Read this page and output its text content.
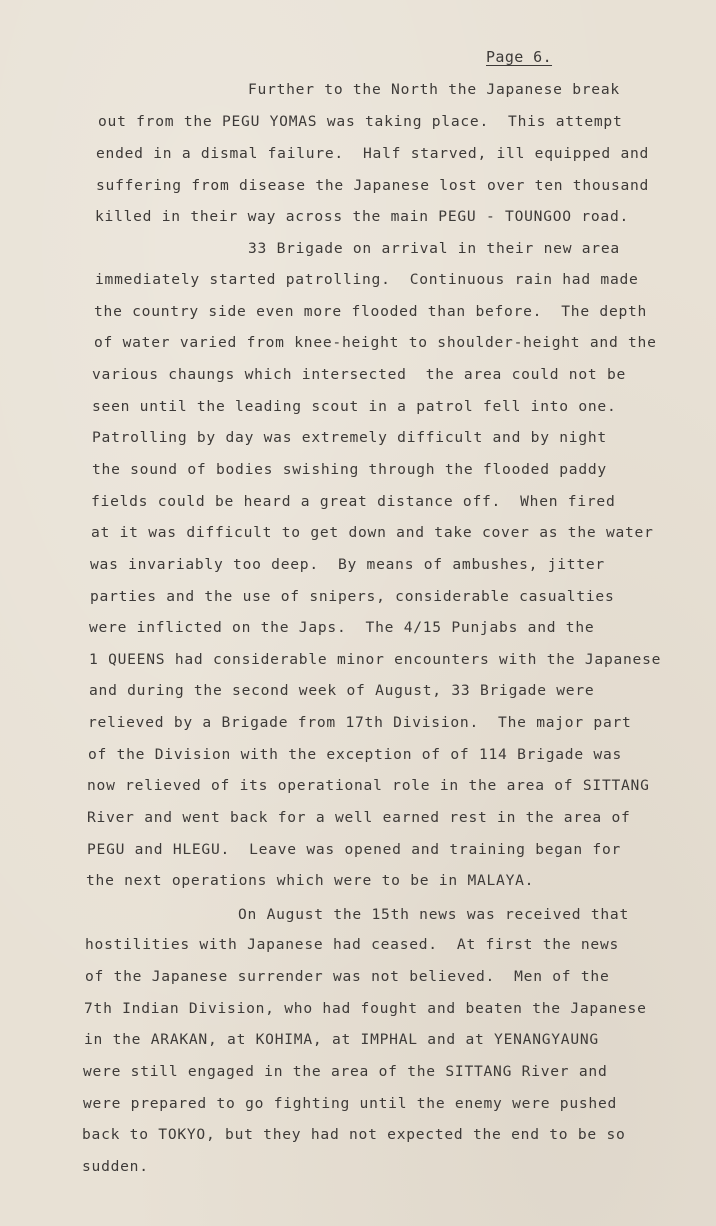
Page 6.
Further to the North the Japanese break
out from the PEGU YOMAS was taking place.  This attempt
ended in a dismal failure.  Half starved, ill equipped and
suffering from disease the Japanese lost over ten thousand
killed in their way across the main PEGU - TOUNGOO road.
33 Brigade on arrival in their new area
immediately started patrolling.  Continuous rain had made
the country side even more flooded than before.  The depth
of water varied from knee-height to shoulder-height and the
various chaungs which intersected  the area could not be
seen until the leading scout in a patrol fell into one.
Patrolling by day was extremely difficult and by night
the sound of bodies swishing through the flooded paddy
fields could be heard a great distance off.  When fired
at it was difficult to get down and take cover as the water
was invariably too deep.  By means of ambushes, jitter
parties and the use of snipers, considerable casualties
were inflicted on the Japs.  The 4/15 Punjabs and the
1 QUEENS had considerable minor encounters with the Japanese
and during the second week of August, 33 Brigade were
relieved by a Brigade from 17th Division.  The major part
of the Division with the exception of of 114 Brigade was
now relieved of its operational role in the area of SITTANG
River and went back for a well earned rest in the area of
PEGU and HLEGU.  Leave was opened and training began for
the next operations which were to be in MALAYA.
On August the 15th news was received that
hostilities with Japanese had ceased.  At first the news
of the Japanese surrender was not believed.  Men of the
7th Indian Division, who had fought and beaten the Japanese
in the ARAKAN, at KOHIMA, at IMPHAL and at YENANGYAUNG
were still engaged in the area of the SITTANG River and
were prepared to go fighting until the enemy were pushed
back to TOKYO, but they had not expected the end to be so
sudden.
